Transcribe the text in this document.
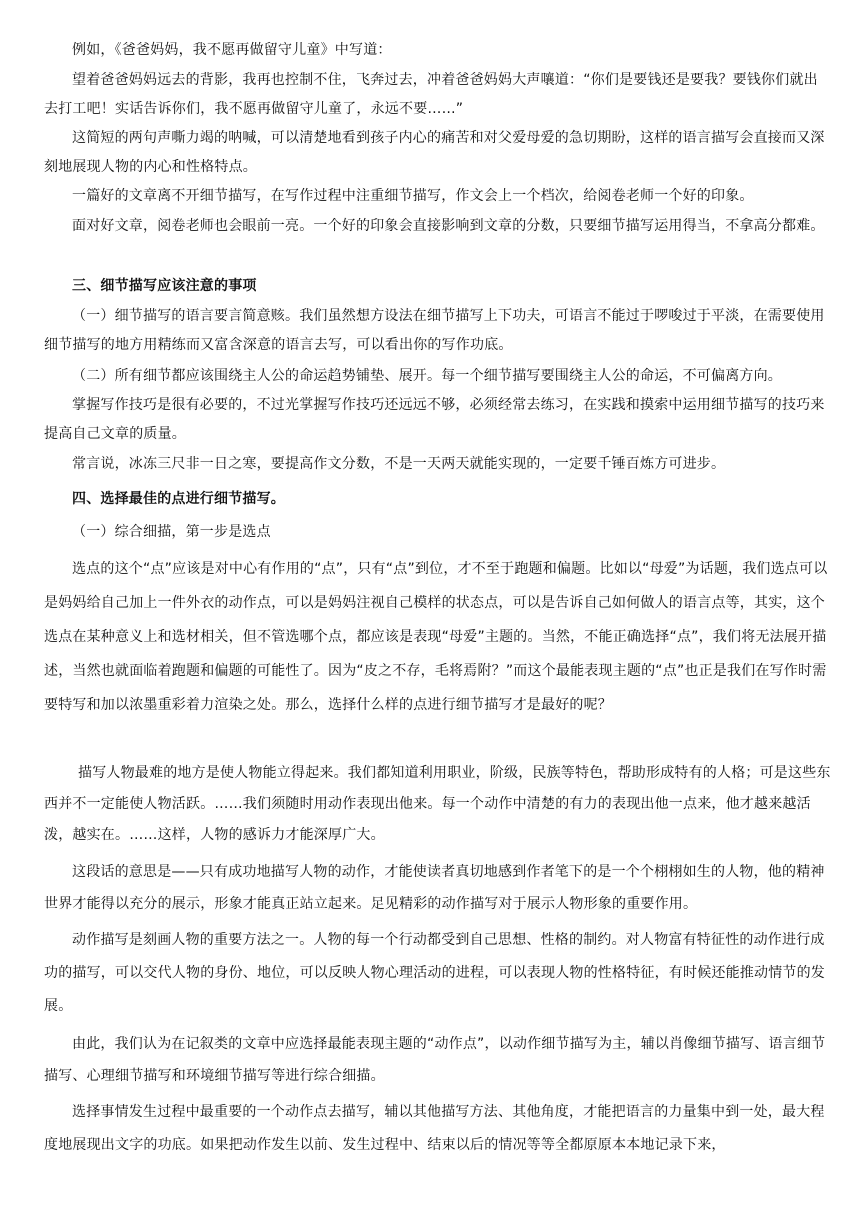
例如，《爸爸妈妈，我不愿再做留守儿童》中写道：

望着爸爸妈妈远去的背影，我再也控制不住，飞奔过去，冲着爸爸妈妈大声嚷道：“你们是要钱还是要我？要钱你们就出去打工吧！实话告诉你们，我不愿再做留守儿童了，永远不要……”

这简短的两句声嘶力竭的呐喊，可以清楚地看到孩子内心的痛苦和对父爱母爱的急切期盼，这样的语言描写会直接而又深刻地展现人物的内心和性格特点。

一篇好的文章离不开细节描写，在写作过程中注重细节描写，作文会上一个档次，给阅卷老师一个好的印象。

面对好文章，阅卷老师也会眼前一亮。一个好的印象会直接影响到文章的分数，只要细节描写运用得当，不拿高分都难。

三、细节描写应该注意的事项

（一）细节描写的语言要言简意赅。我们虽然想方设法在细节描写上下功夫，可语言不能过于啰唆过于平淡，在需要使用细节描写的地方用精练而又富含深意的语言去写，可以看出你的写作功底。

（二）所有细节都应该围绕主人公的命运趋势铺垫、展开。每一个细节描写要围绕主人公的命运，不可偏离方向。

掌握写作技巧是很有必要的，不过光掌握写作技巧还远远不够，必须经常去练习，在实践和摸索中运用细节描写的技巧来提高自己文章的质量。

常言说，冰冻三尺非一日之寒，要提高作文分数，不是一天两天就能实现的，一定要千锤百炼方可进步。

四、选择最佳的点进行细节描写。

（一）综合细描，第一步是选点

选点的这个“点”应该是对中心有作用的“点”，只有“点”到位，才不至于跑题和偏题。比如以“母爱”为话题，我们选点可以是妈妈给自己加上一件外衣的动作点，可以是妈妈注视自己模样的状态点，可以是告诉自己如何做人的语言点等，其实，这个选点在某种意义上和选材相关，但不管选哪个点，都应该是表现“母爱”主题的。当然，不能正确选择“点”，我们将无法展开描述，当然也就面临着跑题和偏题的可能性了。因为“皮之不存，毛将焉附？”而这个最能表现主题的“点”也正是我们在写作时需要特写和加以浓墨重彩着力渲染之处。那么，选择什么样的点进行细节描写才是最好的呢？

描写人物最难的地方是使人物能立得起来。我们都知道利用职业，阶级，民族等特色，帮助形成特有的人格；可是这些东西并不一定能使人物活跃。……我们须随时用动作表现出他来。每一个动作中清楚的有力的表现出他一点来，他才越来越活泼，越实在。……这样，人物的感诉力才能深厚广大。

这段话的意思是——只有成功地描写人物的动作，才能使读者真切地感到作者笔下的是一个个栩栩如生的人物，他的精神世界才能得以充分的展示，形象才能真正站立起来。足见精彩的动作描写对于展示人物形象的重要作用。

动作描写是刻画人物的重要方法之一。人物的每一个行动都受到自己思想、性格的制约。对人物富有特征性的动作进行成功的描写，可以交代人物的身份、地位，可以反映人物心理活动的进程，可以表现人物的性格特征，有时候还能推动情节的发展。

由此，我们认为在记叙类的文章中应选择最能表现主题的“动作点”，以动作细节描写为主，辅以肖像细节描写、语言细节描写、心理细节描写和环境细节描写等进行综合细描。

选择事情发生过程中最重要的一个动作点去描写，辅以其他描写方法、其他角度，才能把语言的力量集中到一处，最大程度地展现出文字的功底。如果把动作发生以前、发生过程中、结束以后的情况等等全都原原本本地记录下来，
